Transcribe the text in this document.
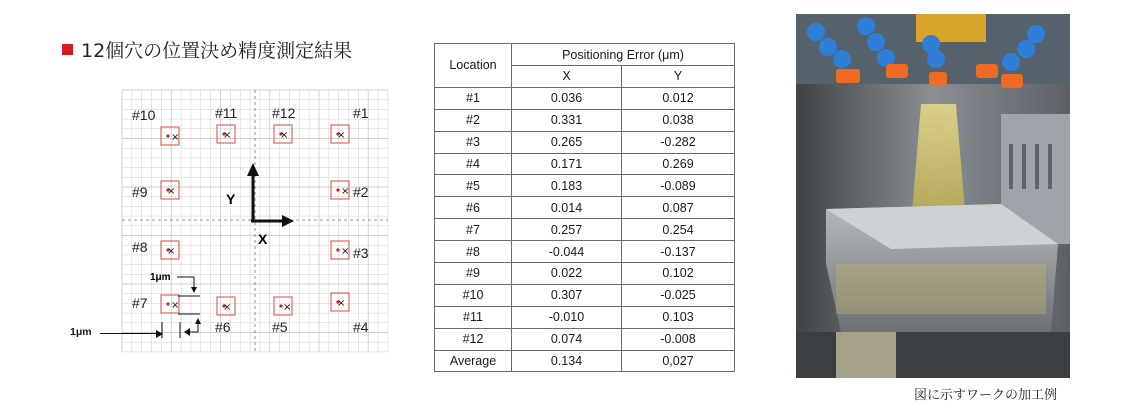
12個穴の位置決め精度測定結果
×
#10
×
#11
×
#12
×
#1
×
#9	× #2
×
#8	× #3
×
#7	×
#6
×
#5
×
#4
Y
X
1μm
1μm
Location	Positioning Error (μm)	
	X	Y
#1	0.036	0.012
#2	0.331	0.038
#3	0.265	-0.282
#4	0.171	0.269
#5	0.183	-0.089
#6	0.014	0.087
#7	0.257	0.254
#8	-0.044	-0.137
#9	0.022	0.102
#10	0.307	-0.025
#11	-0.010	0.103
#12	0.074	-0.008
Average	0.134	0,027
図に示すワークの加工例
